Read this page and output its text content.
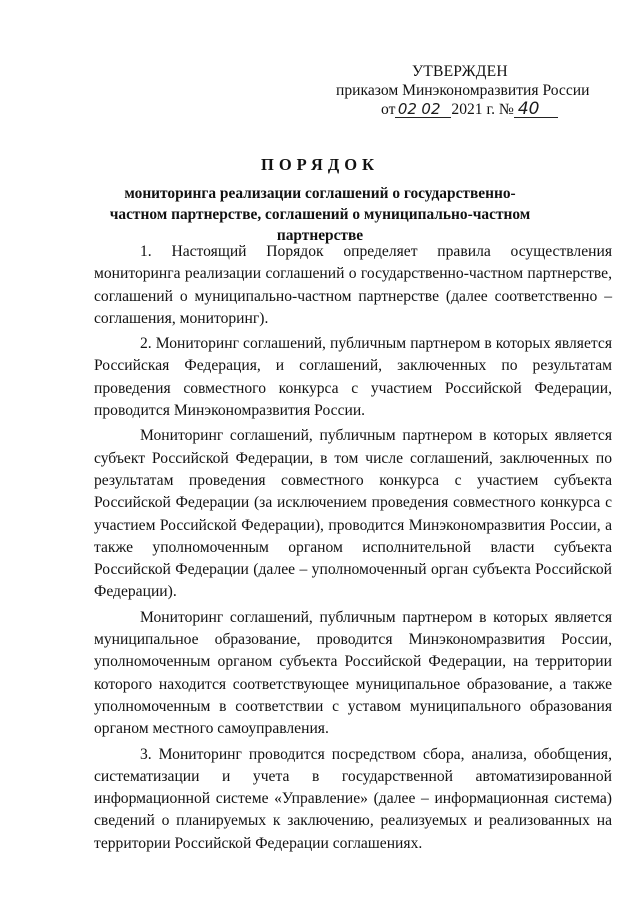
УТВЕРЖДЕН
приказом Минэкономразвития России
от 02 02 2021 г. № 40
ПОРЯДОК
мониторинга реализации соглашений о государственно-частном партнерстве, соглашений о муниципально-частном партнерстве

1. Настоящий Порядок определяет правила осуществления мониторинга реализации соглашений о государственно-частном партнерстве, соглашений о муниципально-частном партнерстве (далее соответственно – соглашения, мониторинг).

2. Мониторинг соглашений, публичным партнером в которых является Российская Федерация, и соглашений, заключенных по результатам проведения совместного конкурса с участием Российской Федерации, проводится Минэкономразвития России.

Мониторинг соглашений, публичным партнером в которых является субъект Российской Федерации, в том числе соглашений, заключенных по результатам проведения совместного конкурса с участием субъекта Российской Федерации (за исключением проведения совместного конкурса с участием Российской Федерации), проводится Минэкономразвития России, а также уполномоченным органом исполнительной власти субъекта Российской Федерации (далее – уполномоченный орган субъекта Российской Федерации).

Мониторинг соглашений, публичным партнером в которых является муниципальное образование, проводится Минэкономразвития России, уполномоченным органом субъекта Российской Федерации, на территории которого находится соответствующее муниципальное образование, а также уполномоченным в соответствии с уставом муниципального образования органом местного самоуправления.

3. Мониторинг проводится посредством сбора, анализа, обобщения, систематизации и учета в государственной автоматизированной информационной системе «Управление» (далее – информационная система) сведений о планируемых к заключению, реализуемых и реализованных на территории Российской Федерации соглашениях.
